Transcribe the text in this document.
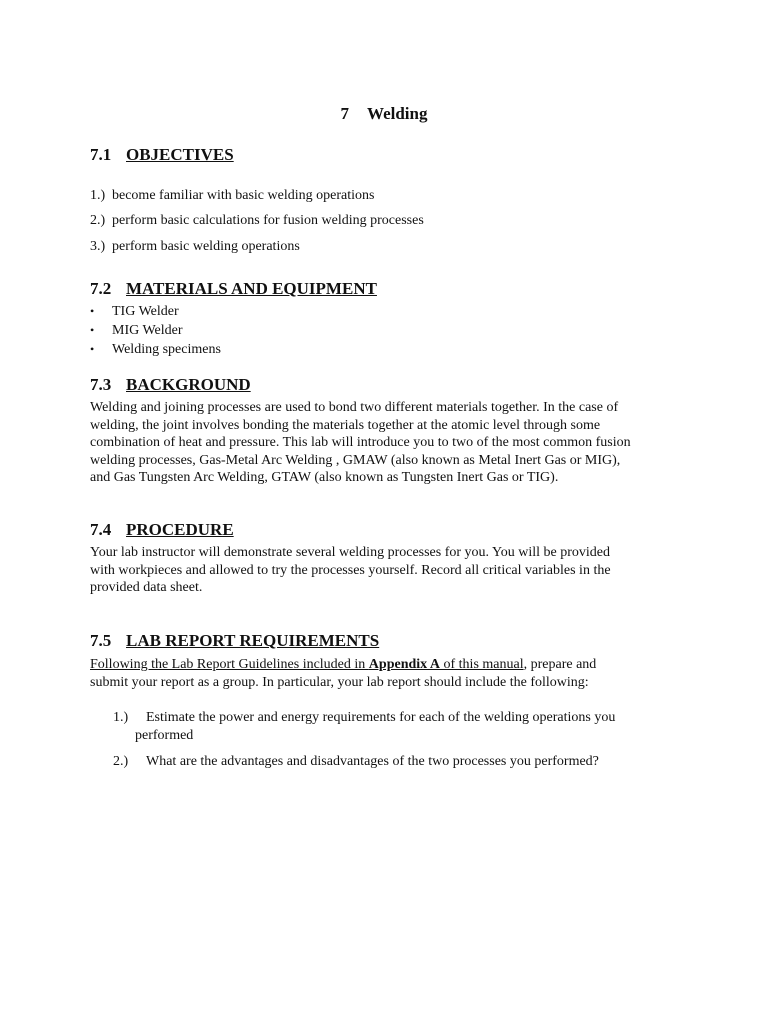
7 Welding
7.1 OBJECTIVES
1.) become familiar with basic welding operations
2.) perform basic calculations for fusion welding processes
3.) perform basic welding operations
7.2 MATERIALS AND EQUIPMENT
• TIG Welder
• MIG Welder
• Welding specimens
7.3 BACKGROUND
Welding and joining processes are used to bond two different materials together. In the case of
welding, the joint involves bonding the materials together at the atomic level through some
combination of heat and pressure. This lab will introduce you to two of the most common fusion
welding processes, Gas-Metal Arc Welding , GMAW (also known as Metal Inert Gas or MIG),
and Gas Tungsten Arc Welding, GTAW (also known as Tungsten Inert Gas or TIG).
7.4 PROCEDURE
Your lab instructor will demonstrate several welding processes for you. You will be provided
with workpieces and allowed to try the processes yourself. Record all critical variables in the
provided data sheet.
7.5 LAB REPORT REQUIREMENTS
Following the Lab Report Guidelines included in Appendix A of this manual, prepare and
submit your report as a group. In particular, your lab report should include the following:
1.) Estimate the power and energy requirements for each of the welding operations you
performed
2.) What are the advantages and disadvantages of the two processes you performed?
